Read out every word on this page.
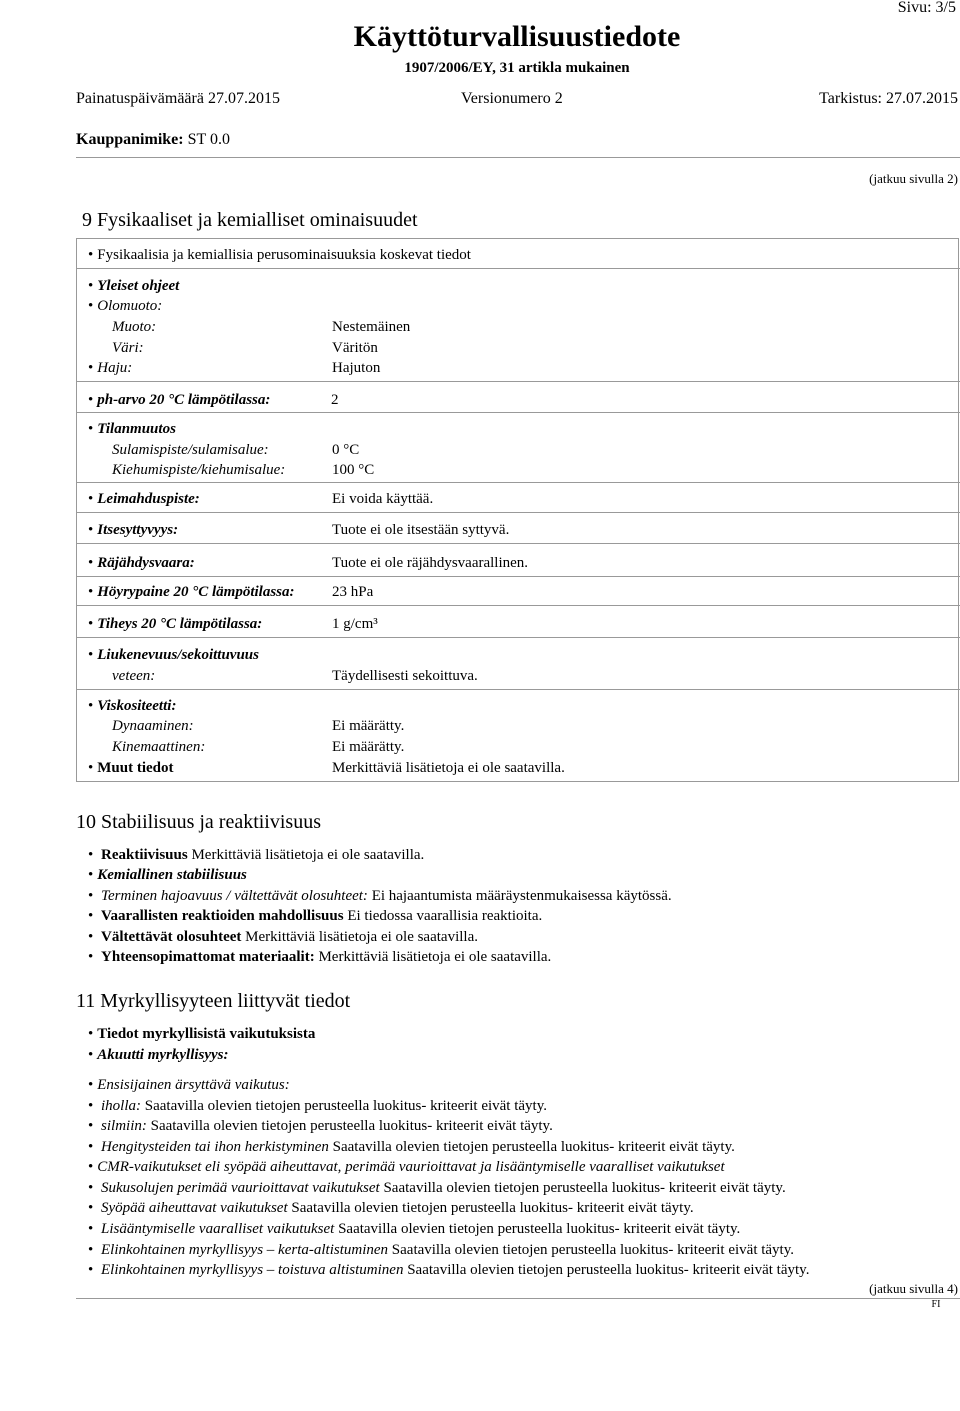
Sivu: 3/5
Käyttöturvallisuustiedote
1907/2006/EY, 31 artikla mukainen
Painatuspäivämäärä 27.07.2015	Versionumero 2	Tarkistus: 27.07.2015
Kauppanimike: ST 0.0
(jatkuu sivulla 2)
9 Fysikaaliset ja kemialliset ominaisuudet
• Fysikaalisia ja kemiallisia perusominaisuuksia koskevat tiedot
• Yleiset ohjeet
• Olomuoto:
Muoto:	Nestemäinen
Väri:	Väritön
• Haju:	Hajuton
• ph-arvo 20 °C lämpötilassa:	2
• Tilanmuutos
Sulamispiste/sulamisalue:	0 °C
Kiehumispiste/kiehumisalue:	100 °C
• Leimahduspiste:	Ei voida käyttää.
• Itsesyttyvyys:	Tuote ei ole itsestään syttyvä.
• Räjähdysvaara:	Tuote ei ole räjähdysvaarallinen.
• Höyrypaine 20 °C lämpötilassa: 23 hPa
• Tiheys 20 °C lämpötilassa:	1 g/cm³
• Liukenevuus/sekoittuvuus
veteen:	Täydellisesti sekoittuva.
• Viskositeetti:
Dynaaminen:	Ei määrätty.
Kinemaattinen:	Ei määrätty.
• Muut tiedot	Merkittäviä lisätietoja ei ole saatavilla.
10 Stabiilisuus ja reaktiivisuus
• Reaktiivisuus Merkittäviä lisätietoja ei ole saatavilla.
• Kemiallinen stabiilisuus
• Terminen hajoavuus / vältettävät olosuhteet: Ei hajaantumista määräystenmukaisessa käytössä.
• Vaarallisten reaktioiden mahdollisuus Ei tiedossa vaarallisia reaktioita.
• Vältettävät olosuhteet Merkittäviä lisätietoja ei ole saatavilla.
• Yhteensopimattomat materiaalit: Merkittäviä lisätietoja ei ole saatavilla.
11 Myrkyllisyyteen liittyvät tiedot
• Tiedot myrkyllisistä vaikutuksista
• Akuutti myrkyllisyys:
• Ensisijainen ärsyttävä vaikutus:
• iholla: Saatavilla olevien tietojen perusteella luokitus- kriteerit eivät täyty.
• silmiin: Saatavilla olevien tietojen perusteella luokitus- kriteerit eivät täyty.
• Hengitysteiden tai ihon herkistyminen Saatavilla olevien tietojen perusteella luokitus- kriteerit eivät täyty.
• CMR-vaikutukset eli syöpää aiheuttavat, perimää vaurioittavat ja lisääntymiselle vaaralliset vaikutukset
• Sukusolujen perimää vaurioittavat vaikutukset Saatavilla olevien tietojen perusteella luokitus- kriteerit eivät täyty.
• Syöpää aiheuttavat vaikutukset Saatavilla olevien tietojen perusteella luokitus- kriteerit eivät täyty.
• Lisääntymiselle vaaralliset vaikutukset Saatavilla olevien tietojen perusteella luokitus- kriteerit eivät täyty.
• Elinkohtainen myrkyllisyys – kerta-altistuminen Saatavilla olevien tietojen perusteella luokitus- kriteerit eivät täyty.
• Elinkohtainen myrkyllisyys – toistuva altistuminen Saatavilla olevien tietojen perusteella luokitus- kriteerit eivät täyty.
(jatkuu sivulla 4)
FI
